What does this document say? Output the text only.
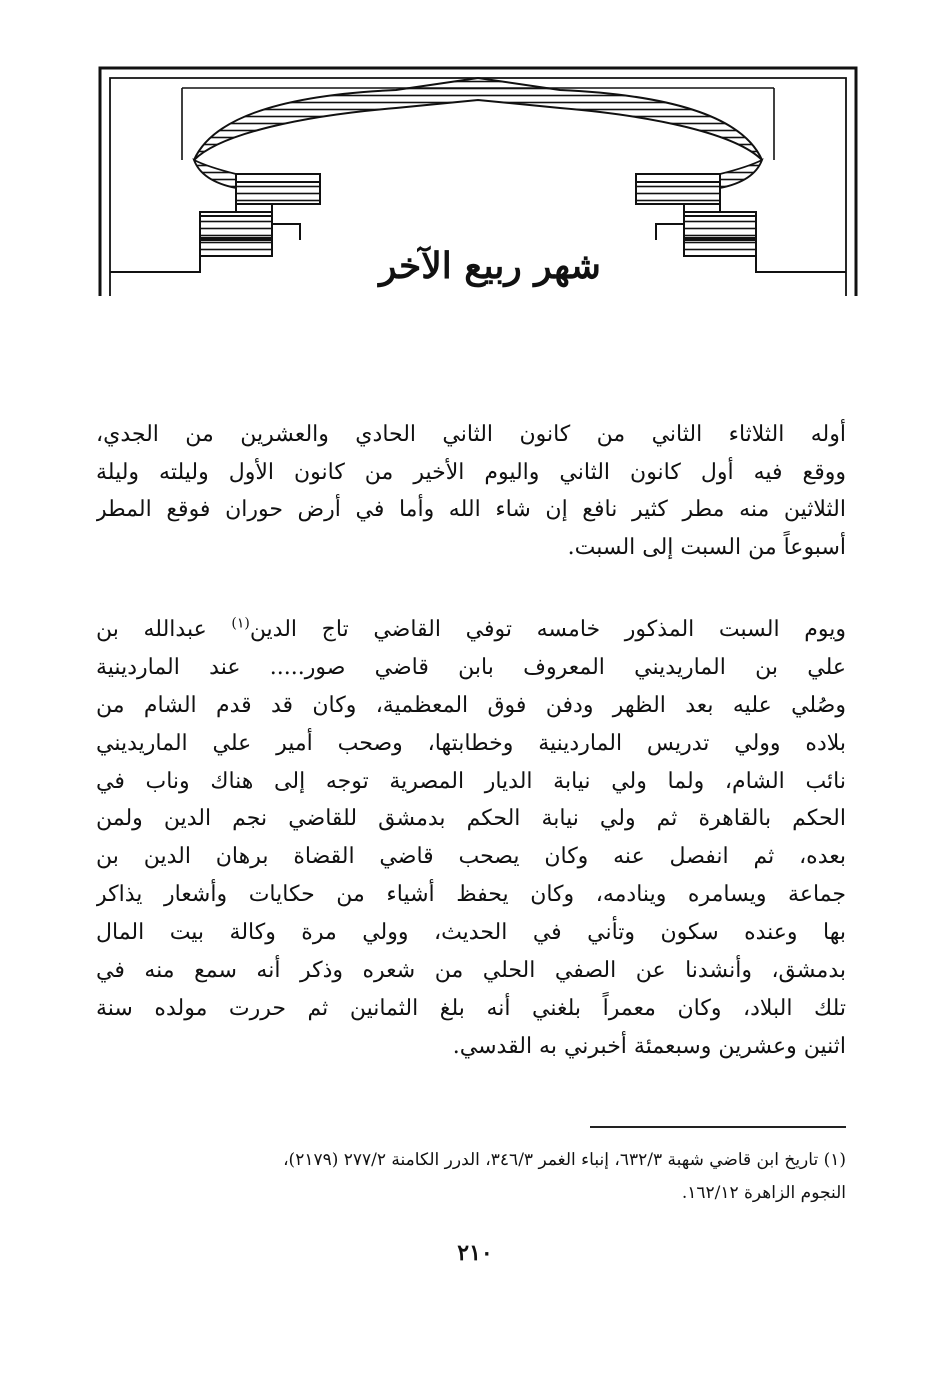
شهر ربيع الآخر
أوله الثلاثاء الثاني من كانون الثاني الحادي والعشرين من الجدي،
ووقع فيه أول كانون الثاني واليوم الأخير من كانون الأول وليلته وليلة
الثلاثين منه مطر كثير نافع إن شاء الله وأما في أرض حوران فوقع المطر
أسبوعاً من السبت إلى السبت.
ويوم السبت المذكور خامسه توفي القاضي تاج الدين$^{(١)}$ عبدالله بن
علي بن الماريديني المعروف بابن قاضي صور..... عند الماردينية
وصُلي عليه بعد الظهر ودفن فوق المعظمية، وكان قد قدم الشام من
بلاده وولي تدريس الماردينية وخطابتها، وصحب أمير علي الماريديني
نائب الشام، ولما ولي نيابة الديار المصرية توجه إلى هناك وناب في
الحكم بالقاهرة ثم ولي نيابة الحكم بدمشق للقاضي نجم الدين ولمن
بعده، ثم انفصل عنه وكان يصحب قاضي القضاة برهان الدين بن
جماعة ويسامره وينادمه، وكان يحفظ أشياء من حكايات وأشعار يذاكر
بها وعنده سكون وتأني في الحديث، وولي مرة وكالة بيت المال
بدمشق، وأنشدنا عن الصفي الحلي من شعره وذكر أنه سمع منه في
تلك البلاد، وكان معمراً بلغني أنه بلغ الثمانين ثم حررت مولده سنة
اثنين وعشرين وسبعمئة أخبرني به القدسي.
(١) تاريخ ابن قاضي شهبة ٦٣٢/٣، إنباء الغمر ٣٤٦/٣، الدرر الكامنة ٢٧٧/٢ (٢١٧٩)،
النجوم الزاهرة ١٦٢/١٢.
٢١٠
